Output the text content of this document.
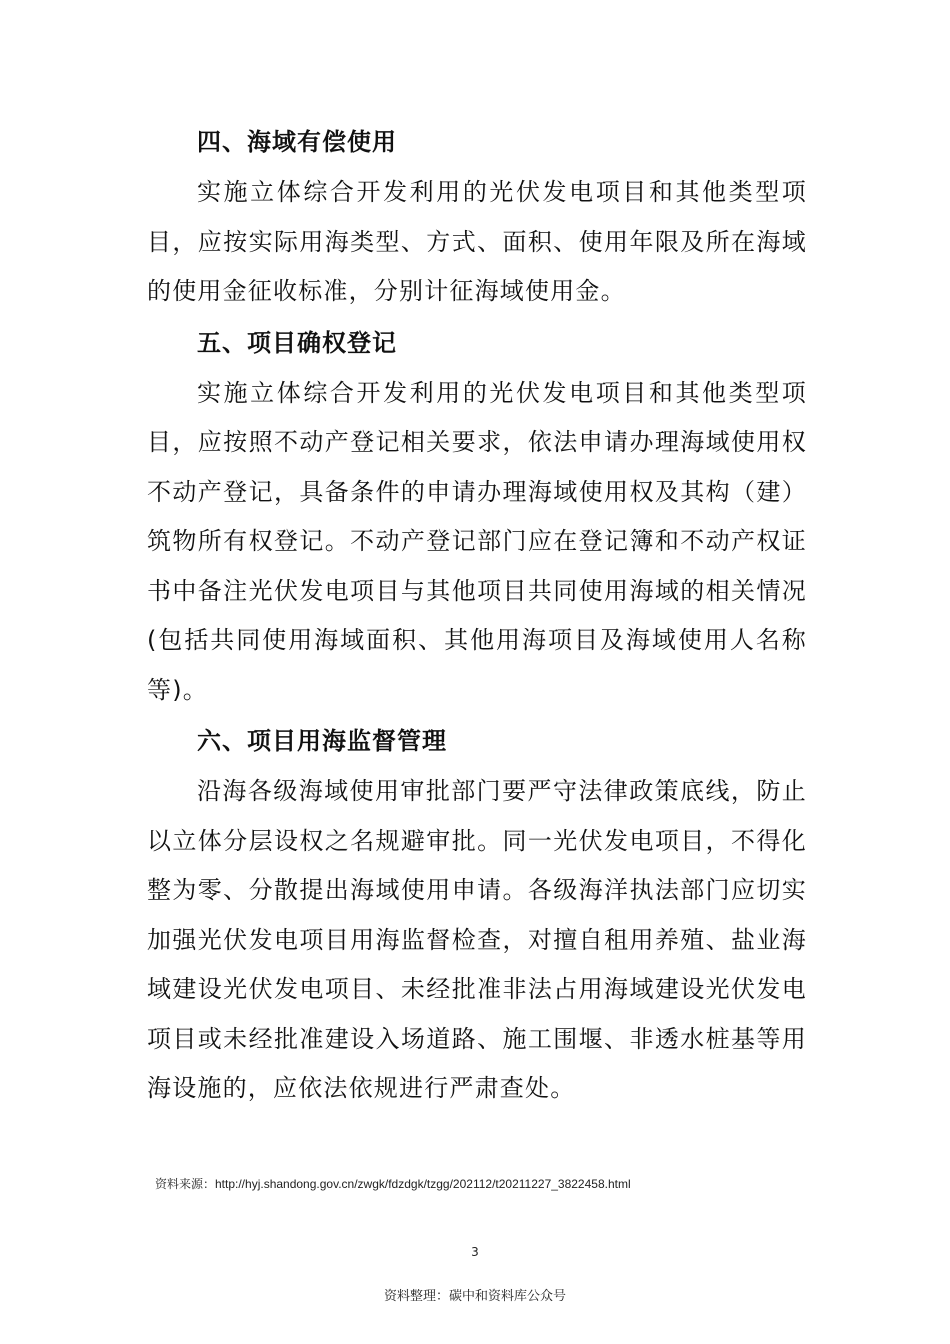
四、海域有偿使用

实施立体综合开发利用的光伏发电项目和其他类型项目，应按实际用海类型、方式、面积、使用年限及所在海域的使用金征收标准，分别计征海域使用金。

五、项目确权登记

实施立体综合开发利用的光伏发电项目和其他类型项目，应按照不动产登记相关要求，依法申请办理海域使用权不动产登记，具备条件的申请办理海域使用权及其构（建）筑物所有权登记。不动产登记部门应在登记簿和不动产权证书中备注光伏发电项目与其他项目共同使用海域的相关情况(包括共同使用海域面积、其他用海项目及海域使用人名称等)。

六、项目用海监督管理

沿海各级海域使用审批部门要严守法律政策底线，防止以立体分层设权之名规避审批。同一光伏发电项目，不得化整为零、分散提出海域使用申请。各级海洋执法部门应切实加强光伏发电项目用海监督检查，对擅自租用养殖、盐业海域建设光伏发电项目、未经批准非法占用海域建设光伏发电项目或未经批准建设入场道路、施工围堰、非透水桩基等用海设施的，应依法依规进行严肃查处。

资料来源：http://hyj.shandong.gov.cn/zwgk/fdzdgk/tzgg/202112/t20211227_3822458.html
3
资料整理：碳中和资料库公众号
